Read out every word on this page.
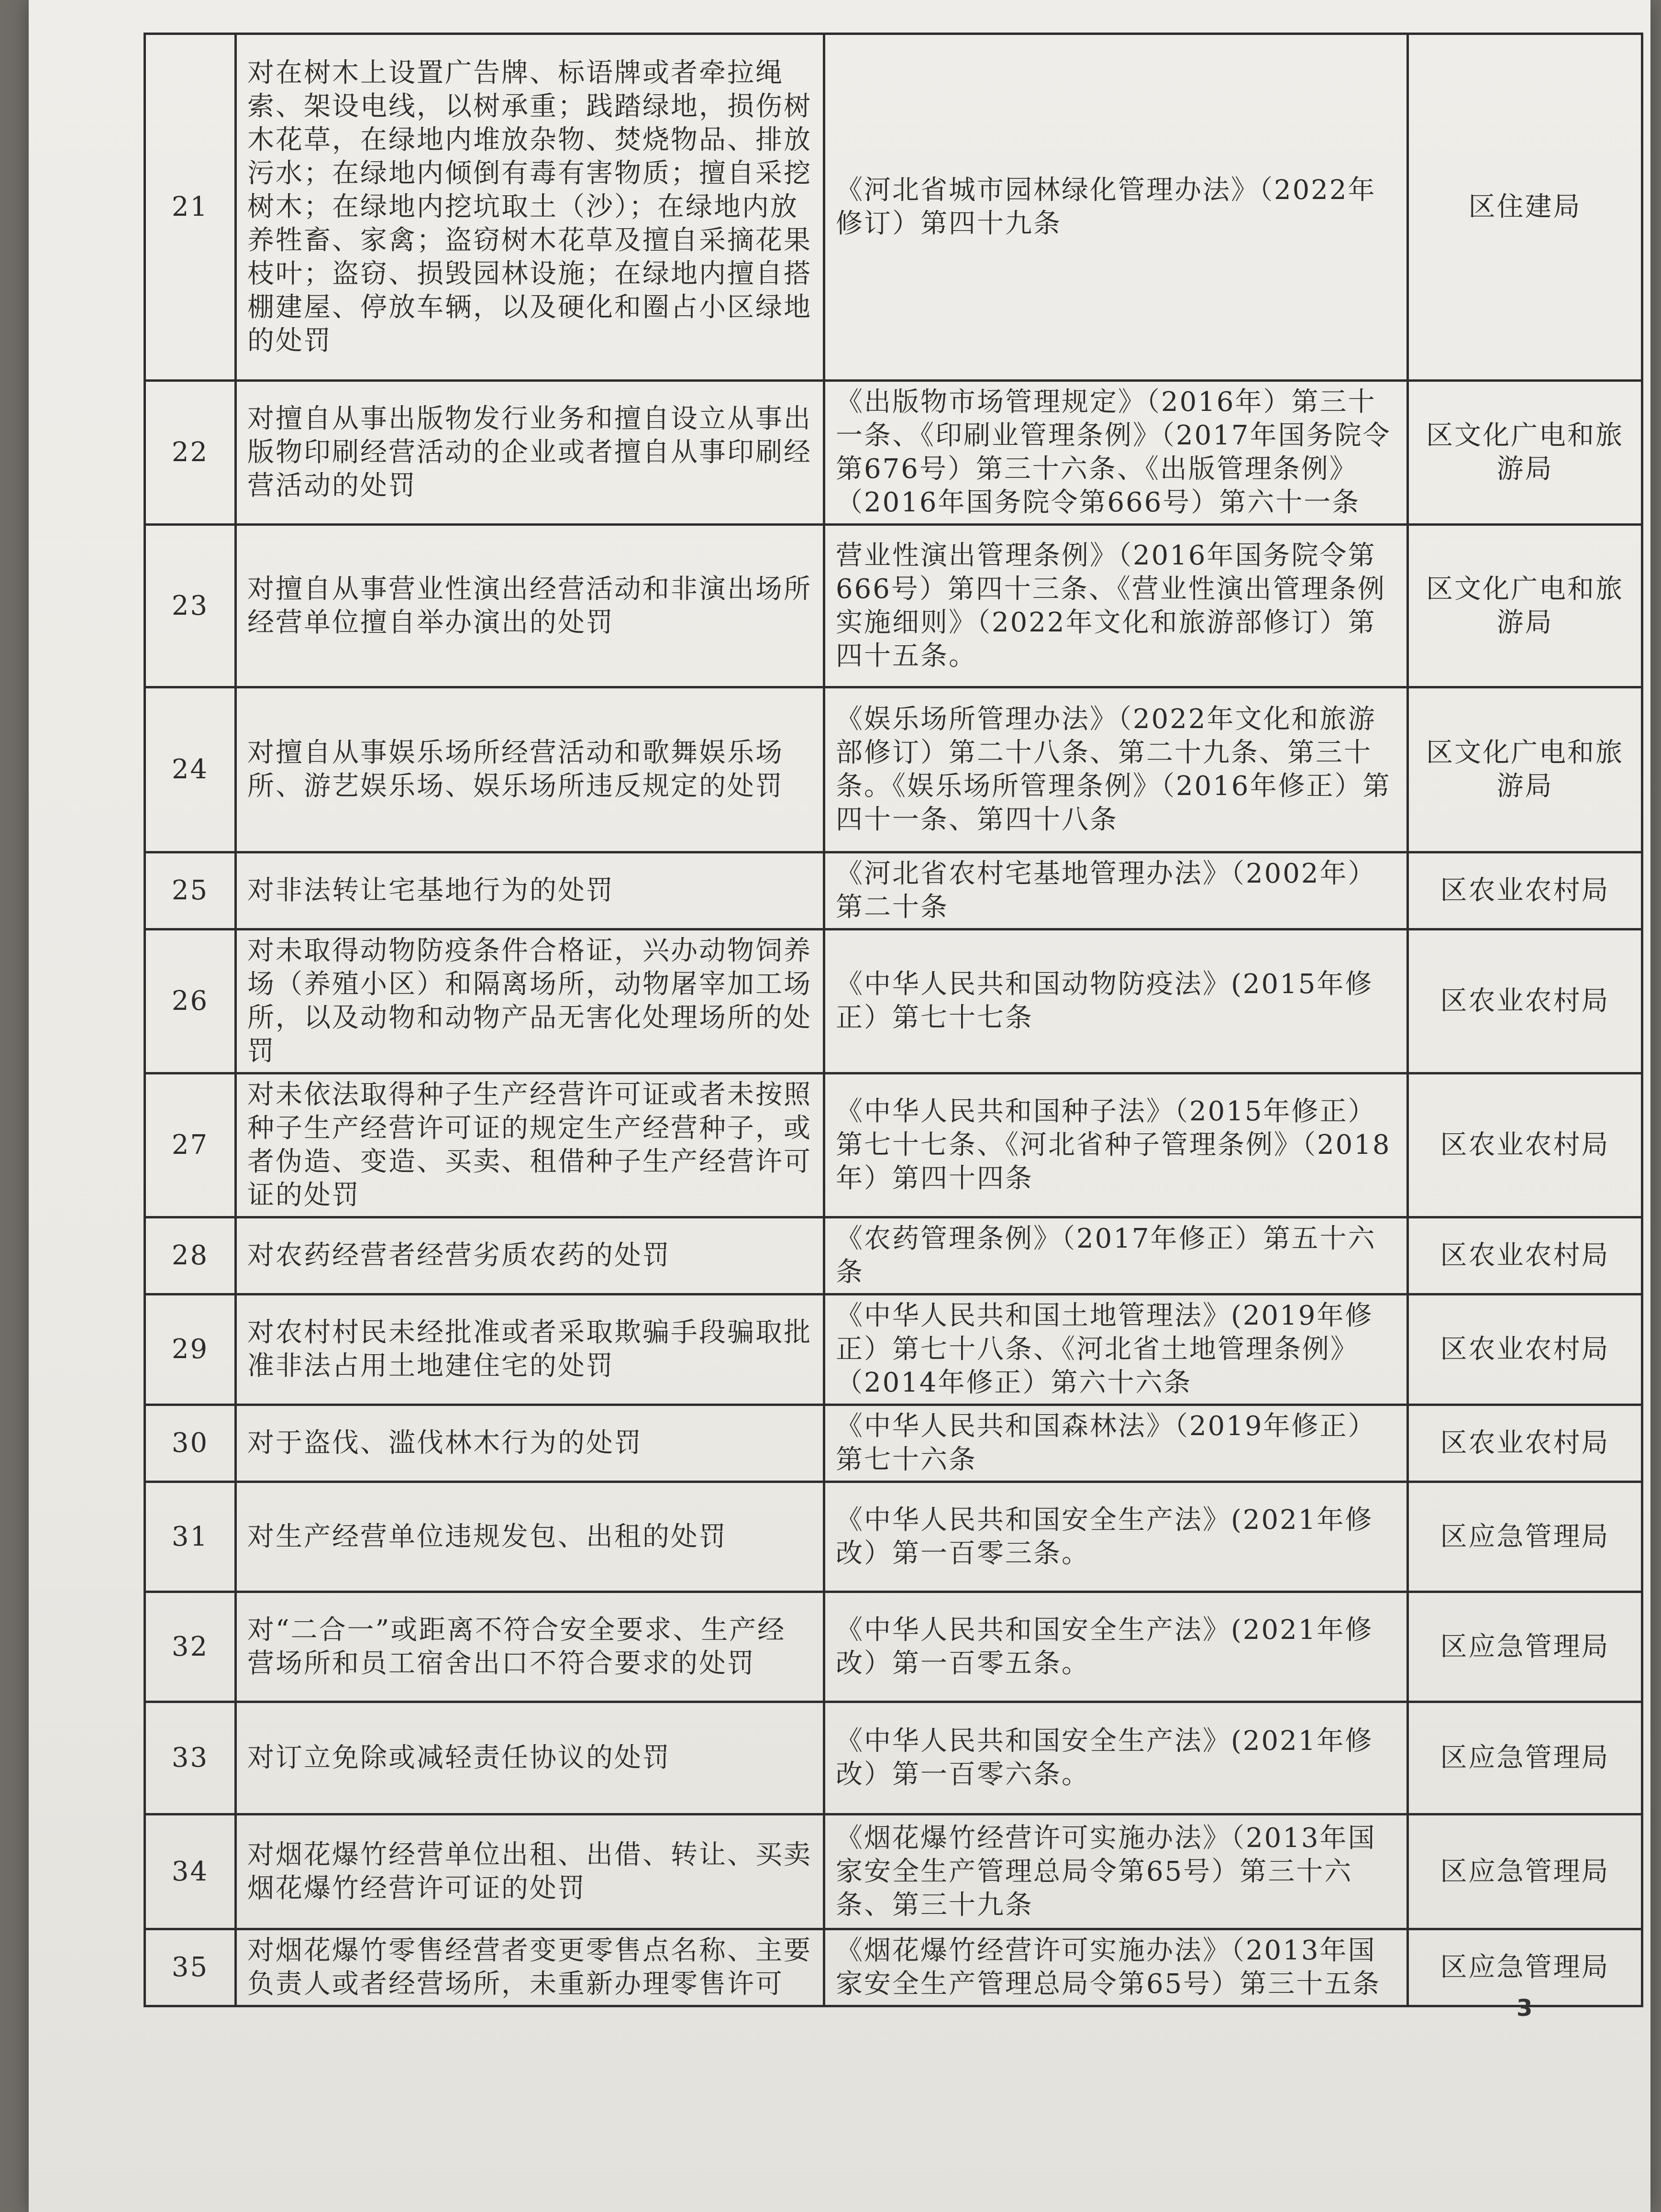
21	对在树木上设置广告牌、标语牌或者牵拉绳索、架设电线，以树承重；践踏绿地，损伤树木花草，在绿地内堆放杂物、焚烧物品、排放污水；在绿地内倾倒有毒有害物质；擅自采挖树木；在绿地内挖坑取土（沙）；在绿地内放养牲畜、家禽；盗窃树木花草及擅自采摘花果枝叶；盗窃、损毁园林设施；在绿地内擅自搭棚建屋、停放车辆，以及硬化和圈占小区绿地的处罚	《河北省城市园林绿化管理办法》（2022年修订）第四十九条	区住建局
22	对擅自从事出版物发行业务和擅自设立从事出版物印刷经营活动的企业或者擅自从事印刷经营活动的处罚	《出版物市场管理规定》（2016年）第三十一条、《印刷业管理条例》（2017年国务院令第676号）第三十六条、《出版管理条例》（2016年国务院令第666号）第六十一条	区文化广电和旅游局
23	对擅自从事营业性演出经营活动和非演出场所经营单位擅自举办演出的处罚	营业性演出管理条例》（2016年国务院令第666号）第四十三条、《营业性演出管理条例实施细则》（2022年文化和旅游部修订）第四十五条。	区文化广电和旅游局
24	对擅自从事娱乐场所经营活动和歌舞娱乐场所、游艺娱乐场、娱乐场所违反规定的处罚	《娱乐场所管理办法》（2022年文化和旅游部修订）第二十八条、第二十九条、第三十条。《娱乐场所管理条例》（2016年修正）第四十一条、第四十八条	区文化广电和旅游局
25	对非法转让宅基地行为的处罚	《河北省农村宅基地管理办法》（2002年）第二十条	区农业农村局
26	对未取得动物防疫条件合格证，兴办动物饲养场（养殖小区）和隔离场所，动物屠宰加工场所，以及动物和动物产品无害化处理场所的处罚	《中华人民共和国动物防疫法》(2015年修正）第七十七条	区农业农村局
27	对未依法取得种子生产经营许可证或者未按照种子生产经营许可证的规定生产经营种子，或者伪造、变造、买卖、租借种子生产经营许可证的处罚	《中华人民共和国种子法》（2015年修正）第七十七条、《河北省种子管理条例》（2018年）第四十四条	区农业农村局
28	对农药经营者经营劣质农药的处罚	《农药管理条例》（2017年修正）第五十六条	区农业农村局
29	对农村村民未经批准或者采取欺骗手段骗取批准非法占用土地建住宅的处罚	《中华人民共和国土地管理法》(2019年修正）第七十八条、《河北省土地管理条例》（2014年修正）第六十六条	区农业农村局
30	对于盗伐、滥伐林木行为的处罚	《中华人民共和国森林法》（2019年修正）第七十六条	区农业农村局
31	对生产经营单位违规发包、出租的处罚	《中华人民共和国安全生产法》(2021年修改）第一百零三条。	区应急管理局
32	对“二合一”或距离不符合安全要求、生产经营场所和员工宿舍出口不符合要求的处罚	《中华人民共和国安全生产法》(2021年修改）第一百零五条。	区应急管理局
33	对订立免除或减轻责任协议的处罚	《中华人民共和国安全生产法》(2021年修改）第一百零六条。	区应急管理局
34	对烟花爆竹经营单位出租、出借、转让、买卖烟花爆竹经营许可证的处罚	《烟花爆竹经营许可实施办法》（2013年国家安全生产管理总局令第65号）第三十六条、第三十九条	区应急管理局
35	对烟花爆竹零售经营者变更零售点名称、主要负责人或者经营场所，未重新办理零售许可	《烟花爆竹经营许可实施办法》（2013年国家安全生产管理总局令第65号）第三十五条	区应急管理局
3
